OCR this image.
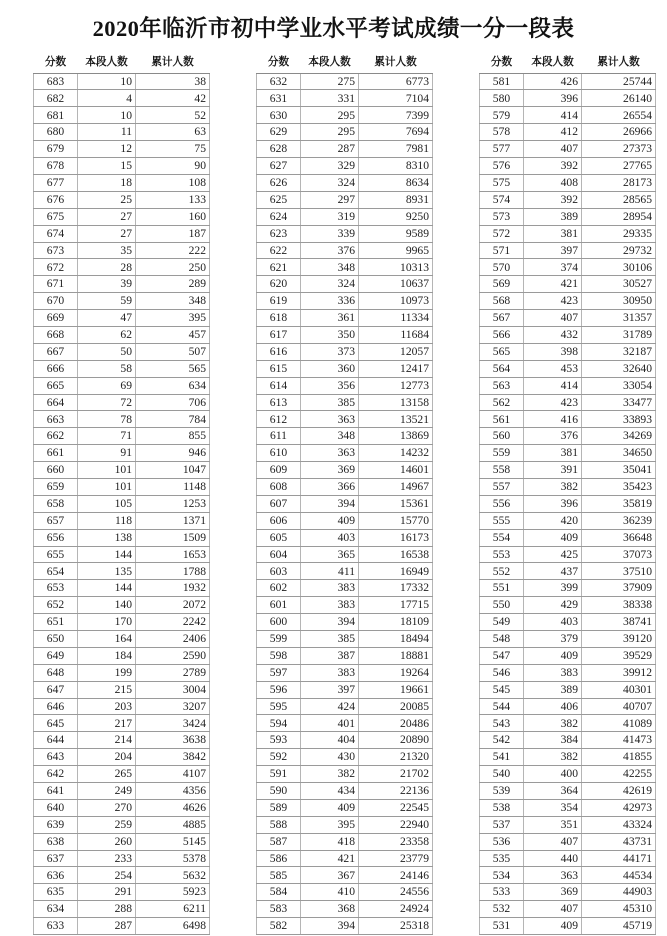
2020年临沂市初中学业水平考试成绩一分一段表
分数	本段人数	累计人数

683	10	38
682	4	42
681	10	52
680	11	63
679	12	75
678	15	90
677	18	108
676	25	133
675	27	160
674	27	187
673	35	222
672	28	250
671	39	289
670	59	348
669	47	395
668	62	457
667	50	507
666	58	565
665	69	634
664	72	706
663	78	784
662	71	855
661	91	946
660	101	1047
659	101	1148
658	105	1253
657	118	1371
656	138	1509
655	144	1653
654	135	1788
653	144	1932
652	140	2072
651	170	2242
650	164	2406
649	184	2590
648	199	2789
647	215	3004
646	203	3207
645	217	3424
644	214	3638
643	204	3842
642	265	4107
641	249	4356
640	270	4626
639	259	4885
638	260	5145
637	233	5378
636	254	5632
635	291	5923
634	288	6211
633	287	6498
分数	本段人数	累计人数

632	275	6773
631	331	7104
630	295	7399
629	295	7694
628	287	7981
627	329	8310
626	324	8634
625	297	8931
624	319	9250
623	339	9589
622	376	9965
621	348	10313
620	324	10637
619	336	10973
618	361	11334
617	350	11684
616	373	12057
615	360	12417
614	356	12773
613	385	13158
612	363	13521
611	348	13869
610	363	14232
609	369	14601
608	366	14967
607	394	15361
606	409	15770
605	403	16173
604	365	16538
603	411	16949
602	383	17332
601	383	17715
600	394	18109
599	385	18494
598	387	18881
597	383	19264
596	397	19661
595	424	20085
594	401	20486
593	404	20890
592	430	21320
591	382	21702
590	434	22136
589	409	22545
588	395	22940
587	418	23358
586	421	23779
585	367	24146
584	410	24556
583	368	24924
582	394	25318
分数	本段人数	累计人数

581	426	25744
580	396	26140
579	414	26554
578	412	26966
577	407	27373
576	392	27765
575	408	28173
574	392	28565
573	389	28954
572	381	29335
571	397	29732
570	374	30106
569	421	30527
568	423	30950
567	407	31357
566	432	31789
565	398	32187
564	453	32640
563	414	33054
562	423	33477
561	416	33893
560	376	34269
559	381	34650
558	391	35041
557	382	35423
556	396	35819
555	420	36239
554	409	36648
553	425	37073
552	437	37510
551	399	37909
550	429	38338
549	403	38741
548	379	39120
547	409	39529
546	383	39912
545	389	40301
544	406	40707
543	382	41089
542	384	41473
541	382	41855
540	400	42255
539	364	42619
538	354	42973
537	351	43324
536	407	43731
535	440	44171
534	363	44534
533	369	44903
532	407	45310
531	409	45719
